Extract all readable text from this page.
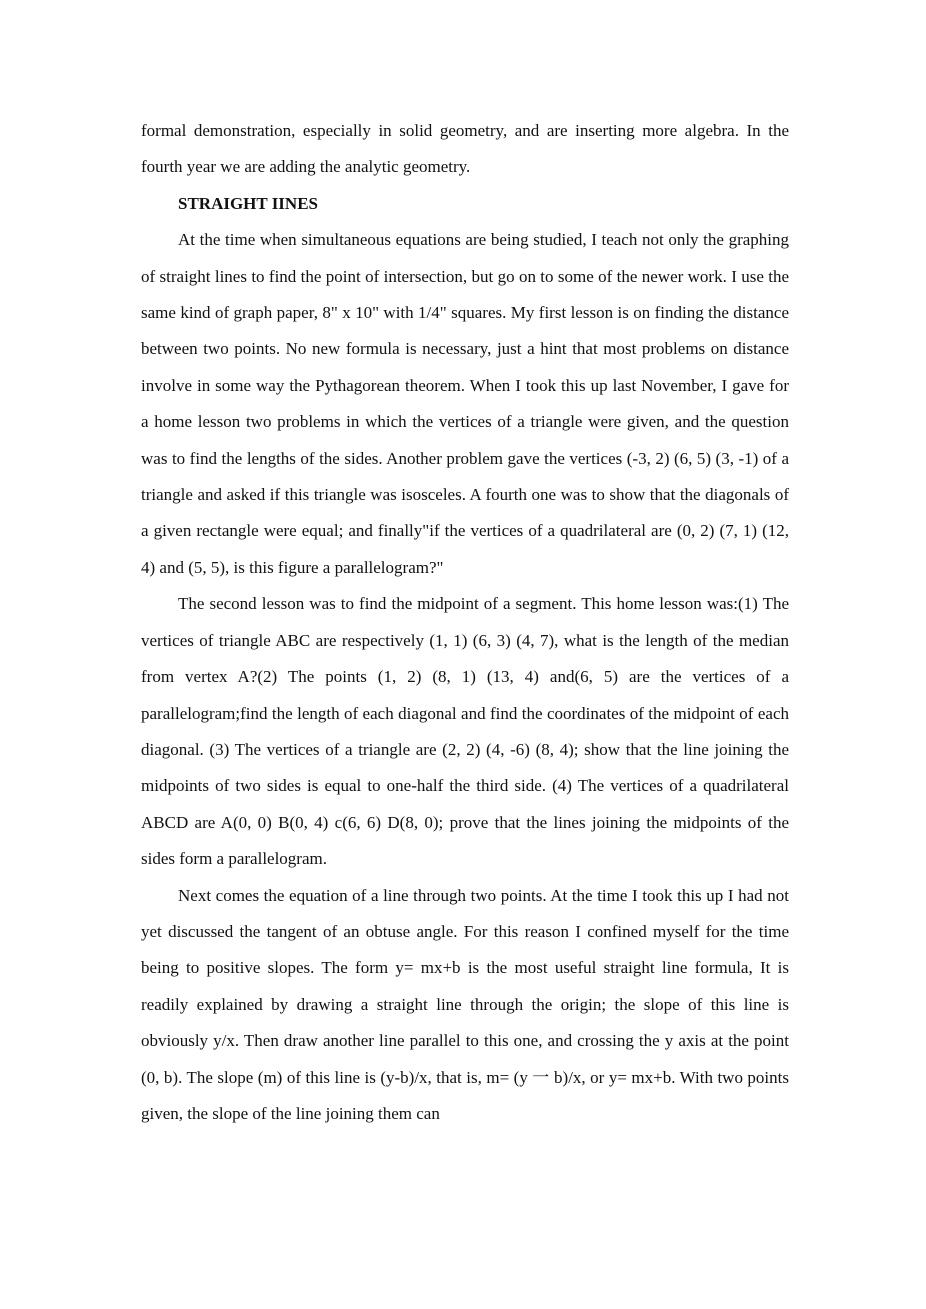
formal demonstration, especially in solid geometry, and are inserting more algebra. In the fourth year we are adding the analytic geometry.

STRAIGHT IINES

At the time when simultaneous equations are being studied, I teach not only the graphing of straight lines to find the point of intersection, but go on to some of the newer work. I use the same kind of graph paper, 8" x 10" with 1/4" squares. My first lesson is on finding the distance between two points. No new formula is necessary, just a hint that most problems on distance involve in some way the Pythagorean theorem. When I took this up last November, I gave for a home lesson two problems in which the vertices of a triangle were given, and the question was to find the lengths of the sides. Another problem gave the vertices (-3, 2) (6, 5) (3, -1) of a triangle and asked if this triangle was isosceles. A fourth one was to show that the diagonals of a given rectangle were equal; and finally"if the vertices of a quadrilateral are (0, 2) (7, 1) (12, 4) and (5, 5), is this figure a parallelogram?"

The second lesson was to find the midpoint of a segment. This home lesson was:(1) The vertices of triangle ABC are respectively (1, 1) (6, 3) (4, 7), what is the length of the median from vertex A?(2) The points (1, 2) (8, 1) (13, 4) and(6, 5) are the vertices of a parallelogram;find the length of each diagonal and find the coordinates of the midpoint of each diagonal. (3) The vertices of a triangle are (2, 2) (4, -6) (8, 4); show that the line joining the midpoints of two sides is equal to one-half the third side. (4) The vertices of a quadrilateral ABCD are A(0, 0) B(0, 4) c(6, 6) D(8, 0); prove that the lines joining the midpoints of the sides form a parallelogram.

Next comes the equation of a line through two points. At the time I took this up I had not yet discussed the tangent of an obtuse angle. For this reason I confined myself for the time being to positive slopes. The form y= mx+b is the most useful straight line formula, It is readily explained by drawing a straight line through the origin; the slope of this line is obviously y/x. Then draw another line parallel to this one, and crossing the y axis at the point (0, b). The slope (m) of this line is (y-b)/x, that is, m= (y 一 b)/x, or y= mx+b. With two points given, the slope of the line joining them can
